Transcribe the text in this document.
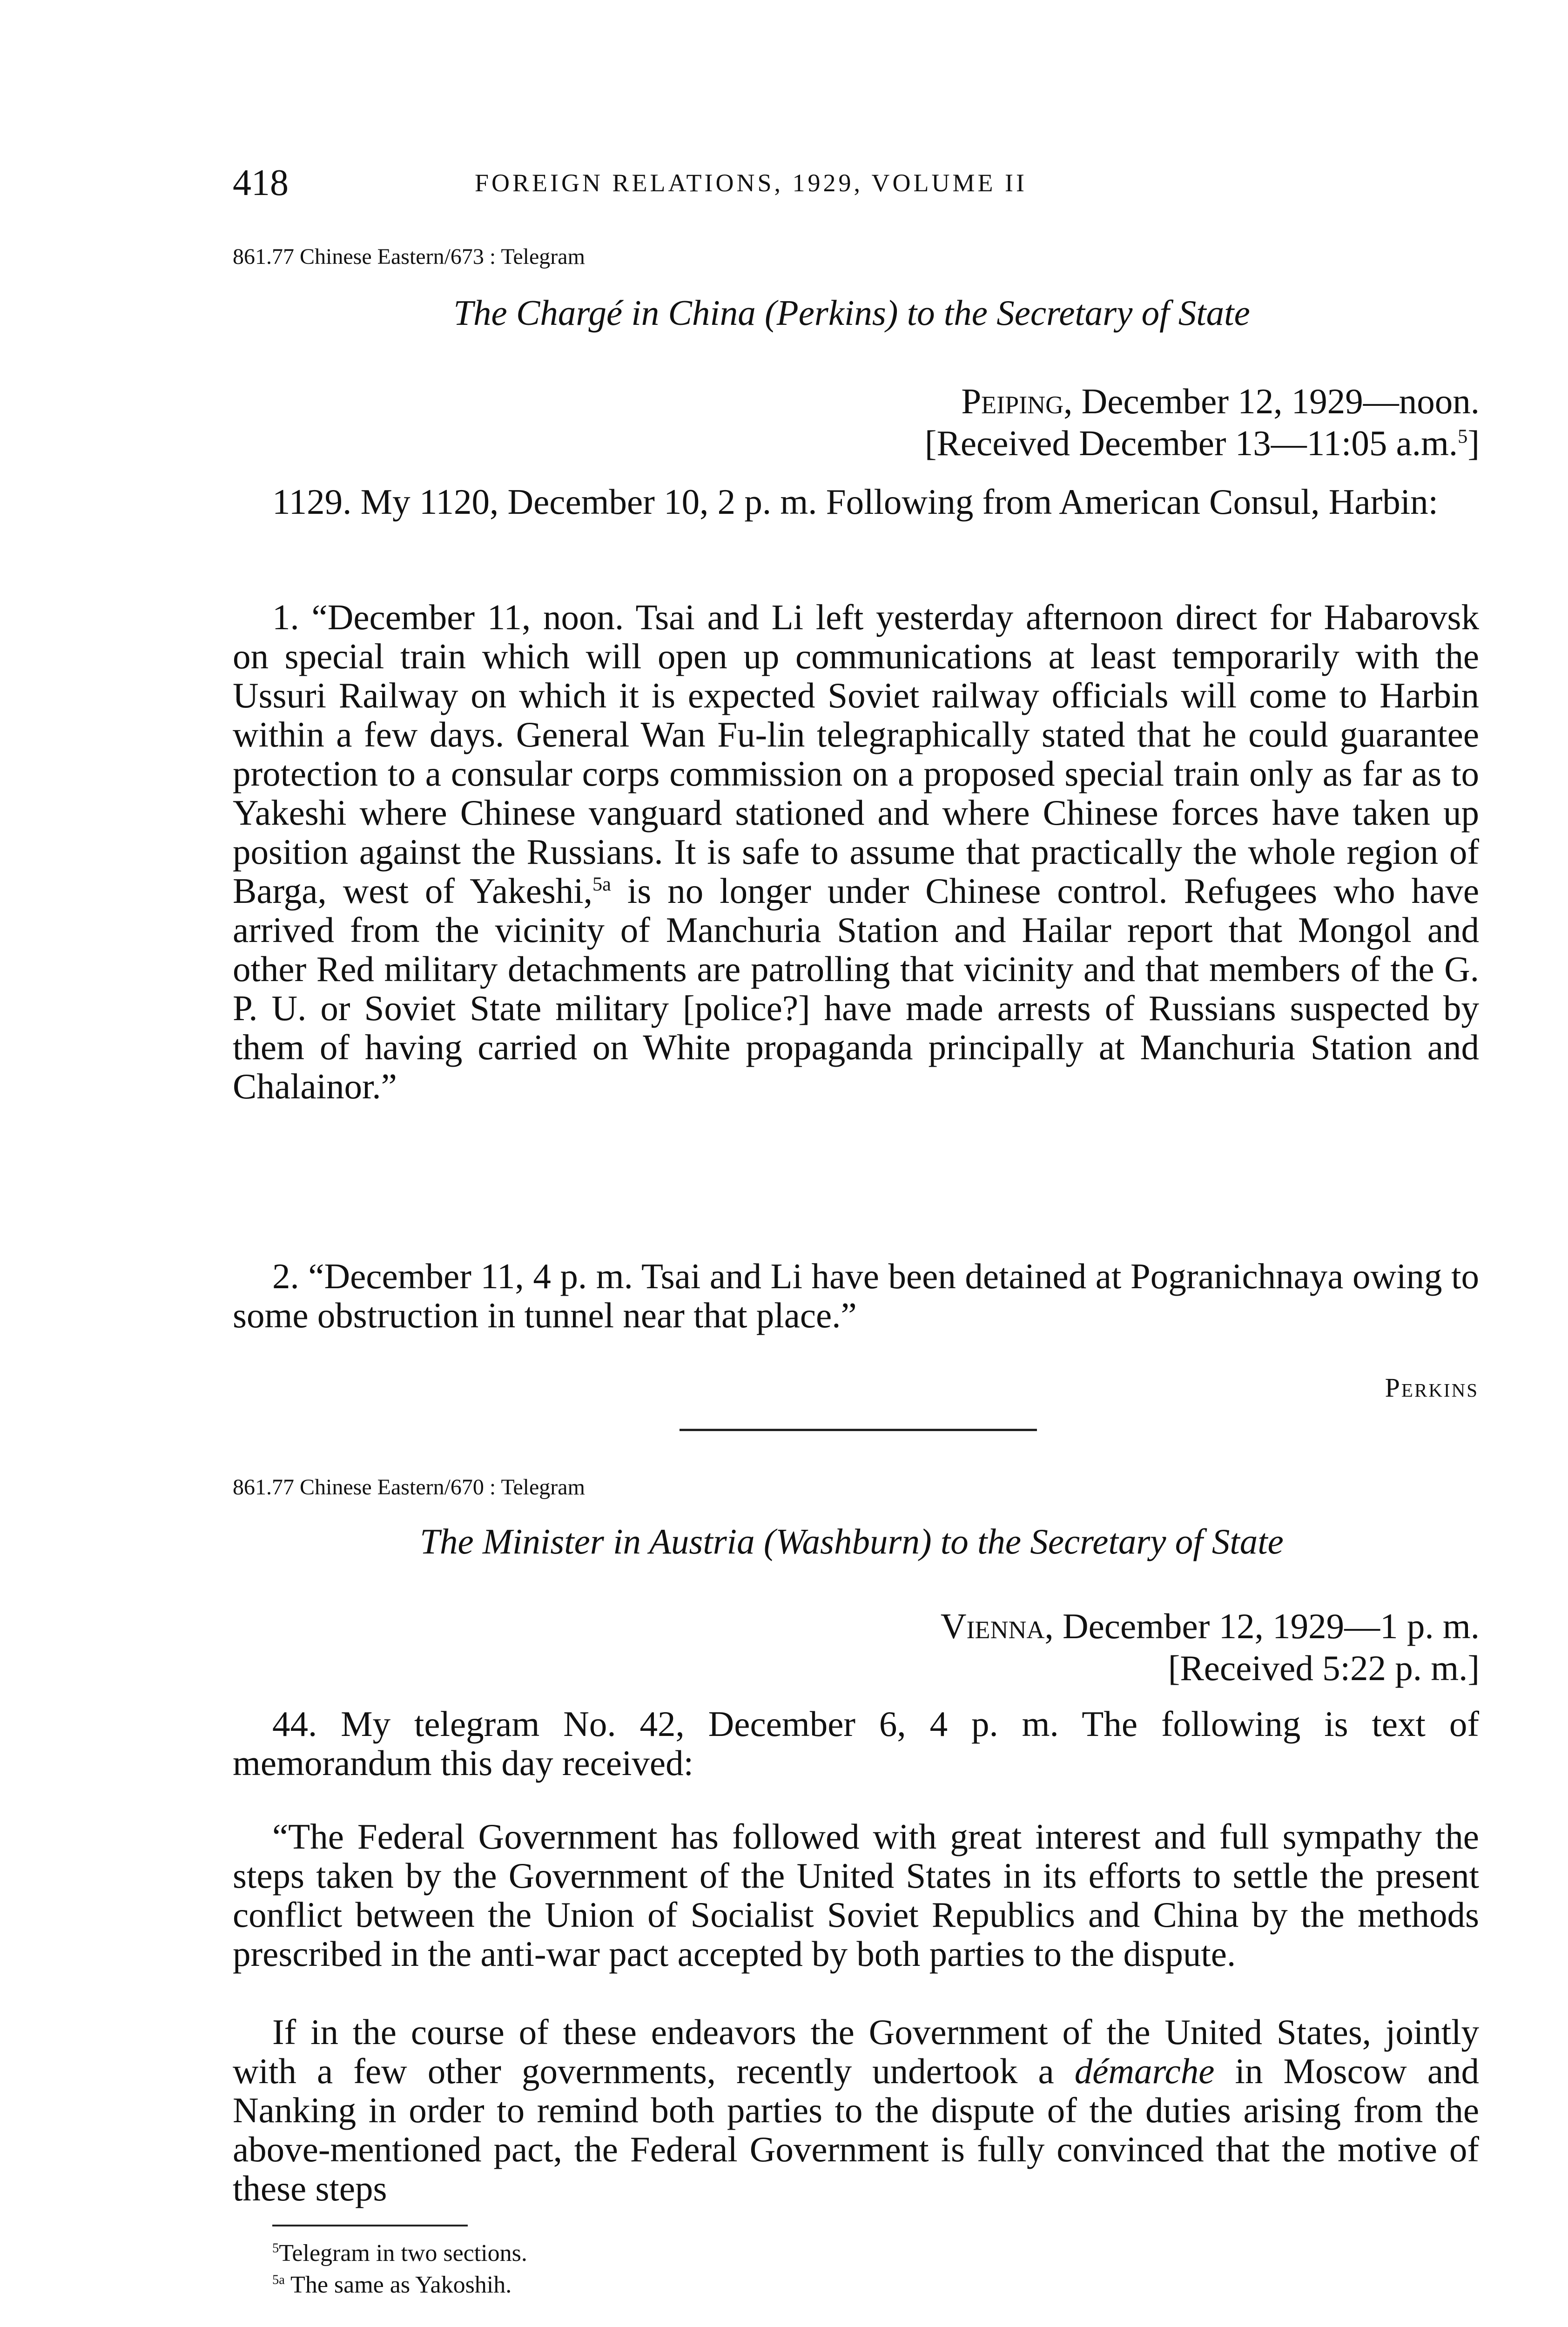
418	FOREIGN RELATIONS, 1929, VOLUME II
861.77 Chinese Eastern/673 : Telegram
The Chargé in China (Perkins) to the Secretary of State
Peiping, December 12, 1929—noon.
[Received December 13—11:05 a.m.$^5$]

1129. My 1120, December 10, 2 p. m. Following from American Consul, Harbin:

1. “December 11, noon. Tsai and Li left yesterday afternoon direct for Habarovsk on special train which will open up communications at least temporarily with the Ussuri Railway on which it is expected Soviet railway officials will come to Harbin within a few days. General Wan Fu-lin telegraphically stated that he could guarantee protection to a consular corps commission on a proposed special train only as far as to Yakeshi where Chinese vanguard stationed and where Chinese forces have taken up position against the Russians. It is safe to assume that practically the whole region of Barga, west of Yakeshi,$^{5a}$ is no longer under Chinese control. Refugees who have arrived from the vicinity of Manchuria Station and Hailar report that Mongol and other Red military detachments are patrolling that vicinity and that members of the G. P. U. or Soviet State military [police?] have made arrests of Russians suspected by them of having carried on White propaganda principally at Manchuria Station and Chalainor.”

2. “December 11, 4 p. m. Tsai and Li have been detained at Pogranichnaya owing to some obstruction in tunnel near that place.”

Perkins
861.77 Chinese Eastern/670 : Telegram
The Minister in Austria (Washburn) to the Secretary of State
Vienna, December 12, 1929—1 p. m.
[Received 5:22 p. m.]

44. My telegram No. 42, December 6, 4 p. m. The following is text of memorandum this day received:

“The Federal Government has followed with great interest and full sympathy the steps taken by the Government of the United States in its efforts to settle the present conflict between the Union of Socialist Soviet Republics and China by the methods prescribed in the anti-war pact accepted by both parties to the dispute.

If in the course of these endeavors the Government of the United States, jointly with a few other governments, recently undertook a démarche in Moscow and Nanking in order to remind both parties to the dispute of the duties arising from the above-mentioned pact, the Federal Government is fully convinced that the motive of these steps

$^5$Telegram in two sections.
$^{5a}$ The same as Yakoshih.
